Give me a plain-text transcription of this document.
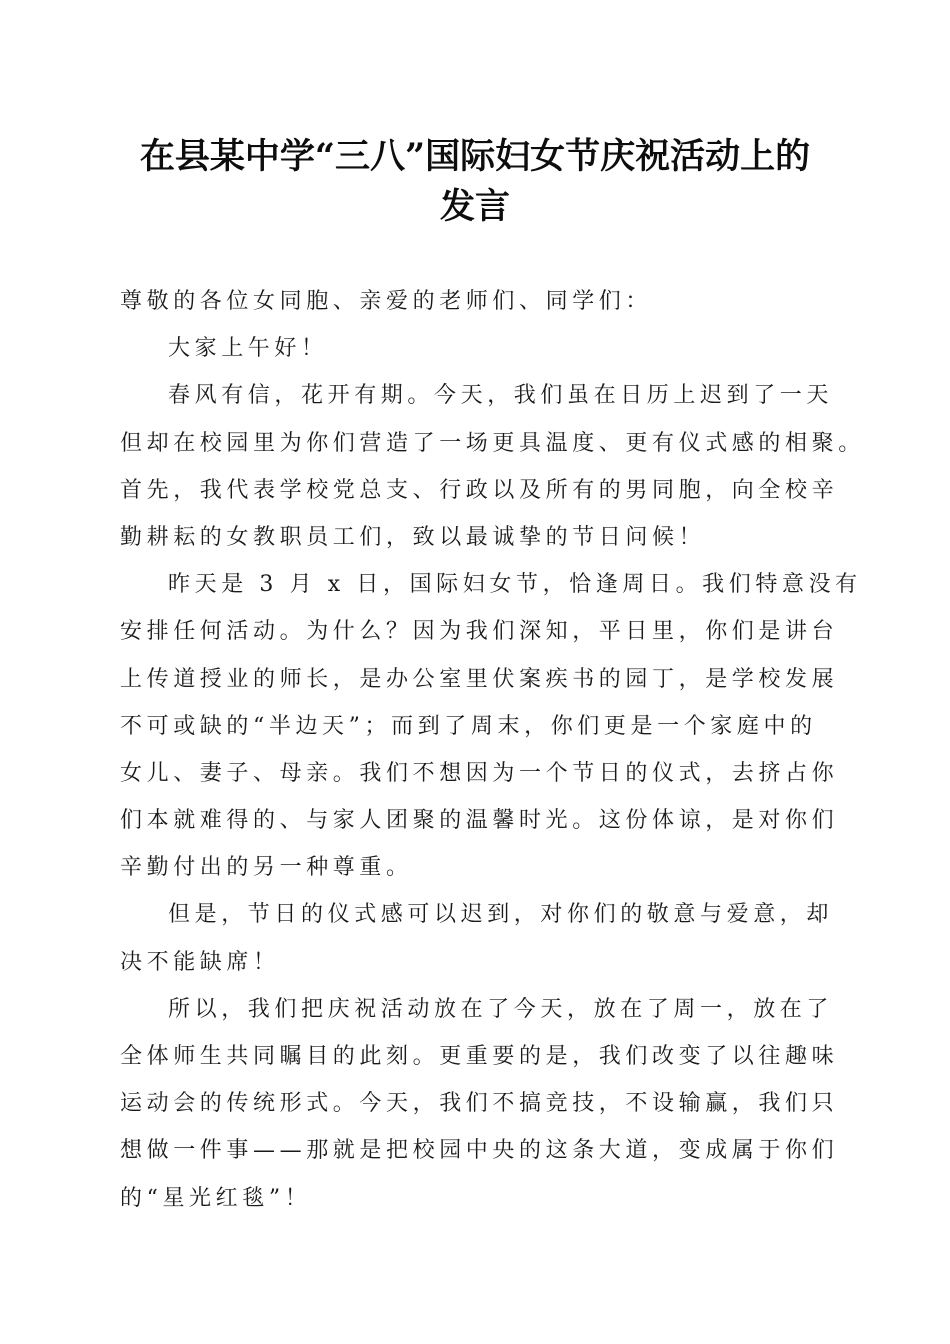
在县某中学“三八”国际妇女节庆祝活动上的
发言
尊敬的各位女同胞、亲爱的老师们、同学们：
大家上午好！
春风有信，花开有期。今天，我们虽在日历上迟到了一天
但却在校园里为你们营造了一场更具温度、更有仪式感的相聚。
首先，我代表学校党总支、行政以及所有的男同胞，向全校辛
勤耕耘的女教职员工们，致以最诚挚的节日问候！
昨天是 3 月 x 日，国际妇女节，恰逢周日。我们特意没有
安排任何活动。为什么？因为我们深知，平日里，你们是讲台
上传道授业的师长，是办公室里伏案疾书的园丁，是学校发展
不可或缺的“半边天”；而到了周末，你们更是一个家庭中的
女儿、妻子、母亲。我们不想因为一个节日的仪式，去挤占你
们本就难得的、与家人团聚的温馨时光。这份体谅，是对你们
辛勤付出的另一种尊重。
但是，节日的仪式感可以迟到，对你们的敬意与爱意，却
决不能缺席！
所以，我们把庆祝活动放在了今天，放在了周一，放在了
全体师生共同瞩目的此刻。更重要的是，我们改变了以往趣味
运动会的传统形式。今天，我们不搞竞技，不设输赢，我们只
想做一件事——那就是把校园中央的这条大道，变成属于你们
的“星光红毯”！
